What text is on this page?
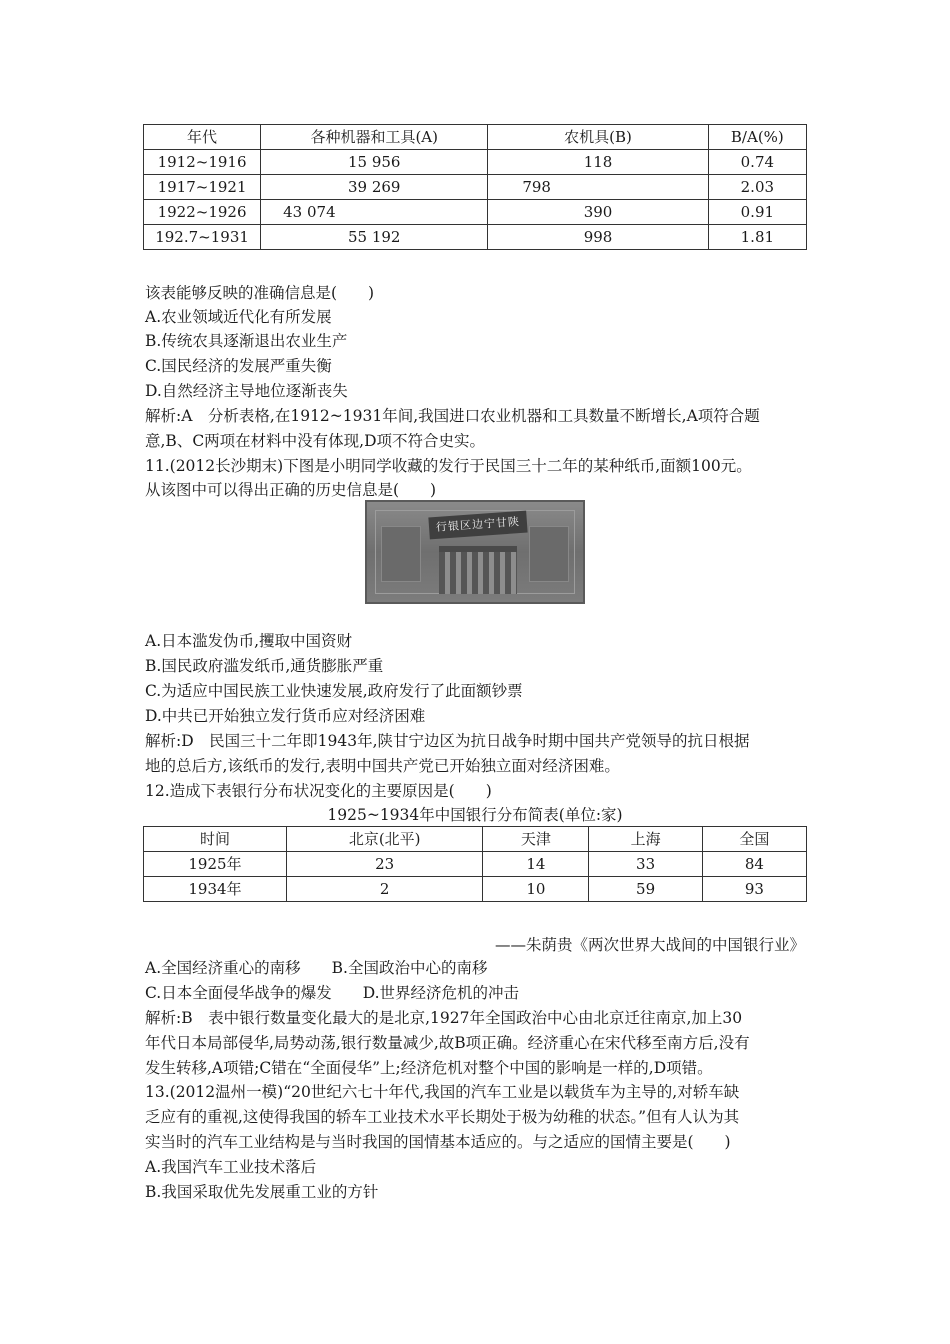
年代	各种机器和工具(A)	农机具(B)	B/A(%)
1912~1916	15 956	118	0.74
1917~1921	39 269	798	2.03
1922~1926	43 074	390	0.91
192.7~1931	55 192	998	1.81
该表能够反映的准确信息是(　　)
A.农业领域近代化有所发展
B.传统农具逐渐退出农业生产
C.国民经济的发展严重失衡
D.自然经济主导地位逐渐丧失
解析:A　分析表格,在1912~1931年间,我国进口农业机器和工具数量不断增长,A项符合题
意,B、C两项在材料中没有体现,D项不符合史实。
11.(2012长沙期末)下图是小明同学收藏的发行于民国三十二年的某种纸币,面额100元。
从该图中可以得出正确的历史信息是(　　)
行银区边宁甘陕
A.日本滥发伪币,攫取中国资财
B.国民政府滥发纸币,通货膨胀严重
C.为适应中国民族工业快速发展,政府发行了此面额钞票
D.中共已开始独立发行货币应对经济困难
解析:D　民国三十二年即1943年,陕甘宁边区为抗日战争时期中国共产党领导的抗日根据
地的总后方,该纸币的发行,表明中国共产党已开始独立面对经济困难。
12.造成下表银行分布状况变化的主要原因是(　　)
1925~1934年中国银行分布简表(单位:家)
时间	北京(北平)	天津	上海	全国
1925年	23	14	33	84
1934年	2	10	59	93
——朱荫贵《两次世界大战间的中国银行业》
A.全国经济重心的南移　　B.全国政治中心的南移
C.日本全面侵华战争的爆发　　D.世界经济危机的冲击
解析:B　表中银行数量变化最大的是北京,1927年全国政治中心由北京迁往南京,加上30
年代日本局部侵华,局势动荡,银行数量减少,故B项正确。经济重心在宋代移至南方后,没有
发生转移,A项错;C错在“全面侵华”上;经济危机对整个中国的影响是一样的,D项错。
13.(2012温州一模)“20世纪六七十年代,我国的汽车工业是以载货车为主导的,对轿车缺
乏应有的重视,这使得我国的轿车工业技术水平长期处于极为幼稚的状态。”但有人认为其
实当时的汽车工业结构是与当时我国的国情基本适应的。与之适应的国情主要是(　　)
A.我国汽车工业技术落后
B.我国采取优先发展重工业的方针
